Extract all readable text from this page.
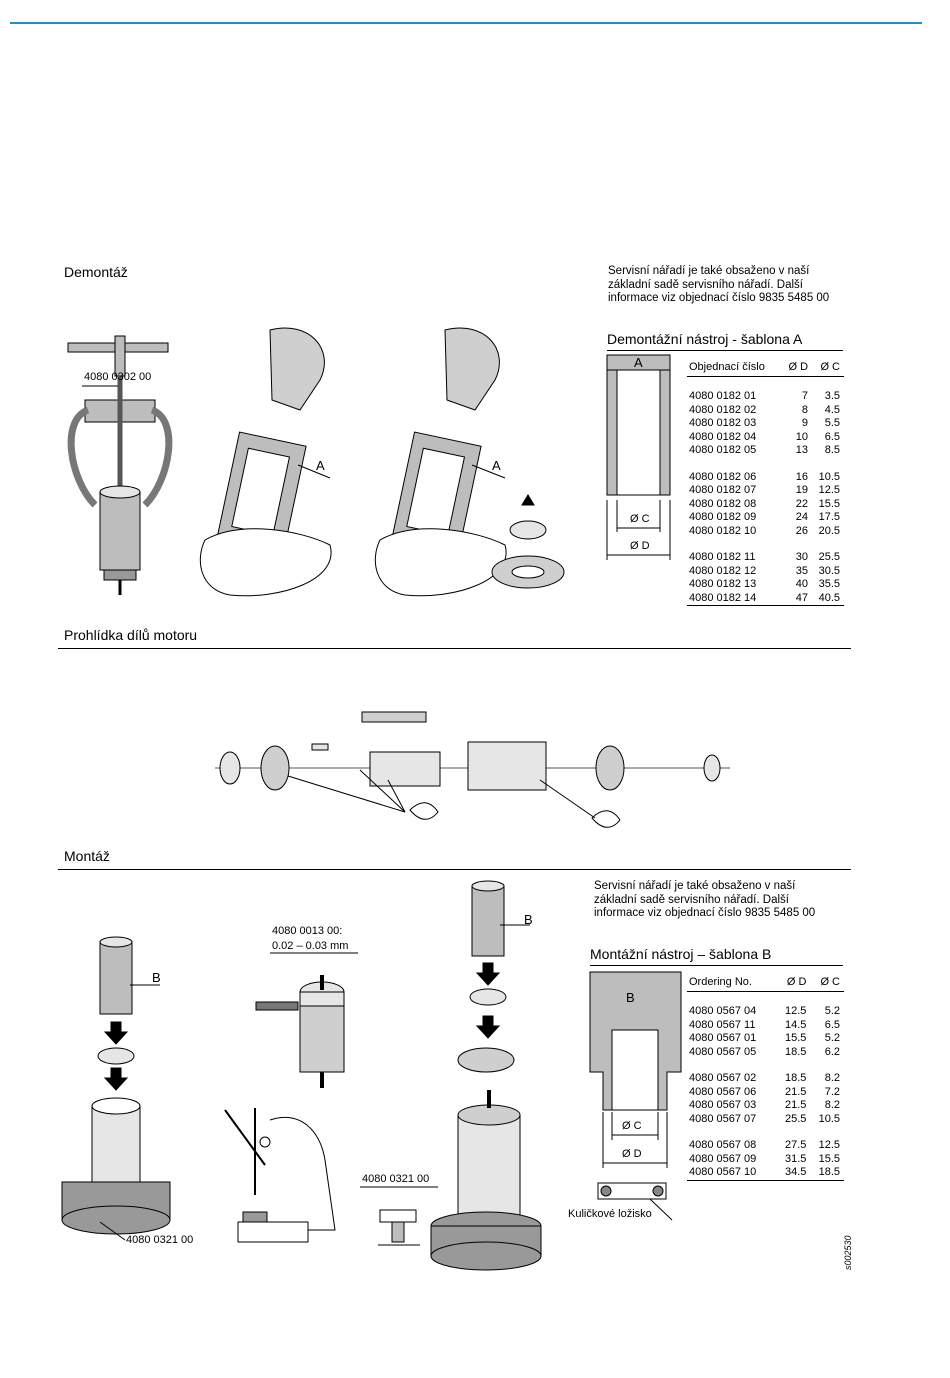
Demontáž
Prohlídka dílů motoru
Montáž
Servisní nářadí je také obsaženo v naší
základní sadě servisního nářadí. Další
informace viz objednací číslo 9835 5485 00
Servisní nářadí je také obsaženo v naší
základní sadě servisního nářadí. Další
informace viz objednací číslo 9835 5485 00
Demontážní nástroj - šablona A
Objednací číslo	Ø D	Ø C

4080 0182 01	7	3.5
4080 0182 02	8	4.5
4080 0182 03	9	5.5
4080 0182 04	10	6.5
4080 0182 05	13	8.5

4080 0182 06	16	10.5
4080 0182 07	19	12.5
4080 0182 08	22	15.5
4080 0182 09	24	17.5
4080 0182 10	26	20.5

4080 0182 11	30	25.5
4080 0182 12	35	30.5
4080 0182 13	40	35.5
4080 0182 14	47	40.5
Montážní nástroj – šablona B
Ordering No.	Ø D	Ø C

4080 0567 04	12.5	5.2
4080 0567 11	14.5	6.5
4080 0567 01	15.5	5.2
4080 0567 05	18.5	6.2

4080 0567 02	18.5	8.2
4080 0567 06	21.5	7.2
4080 0567 03	21.5	8.2
4080 0567 07	25.5	10.5

4080 0567 08	27.5	12.5
4080 0567 09	31.5	15.5
4080 0567 10	34.5	18.5
A
Ø C
Ø D
B
Ø C
Ø D
Kuličkové ložisko
4080 0302 00
A	A
B
B
4080 0013 00:
0.02 – 0.03 mm
4080 0321 00
4080 0321 00
s002530
